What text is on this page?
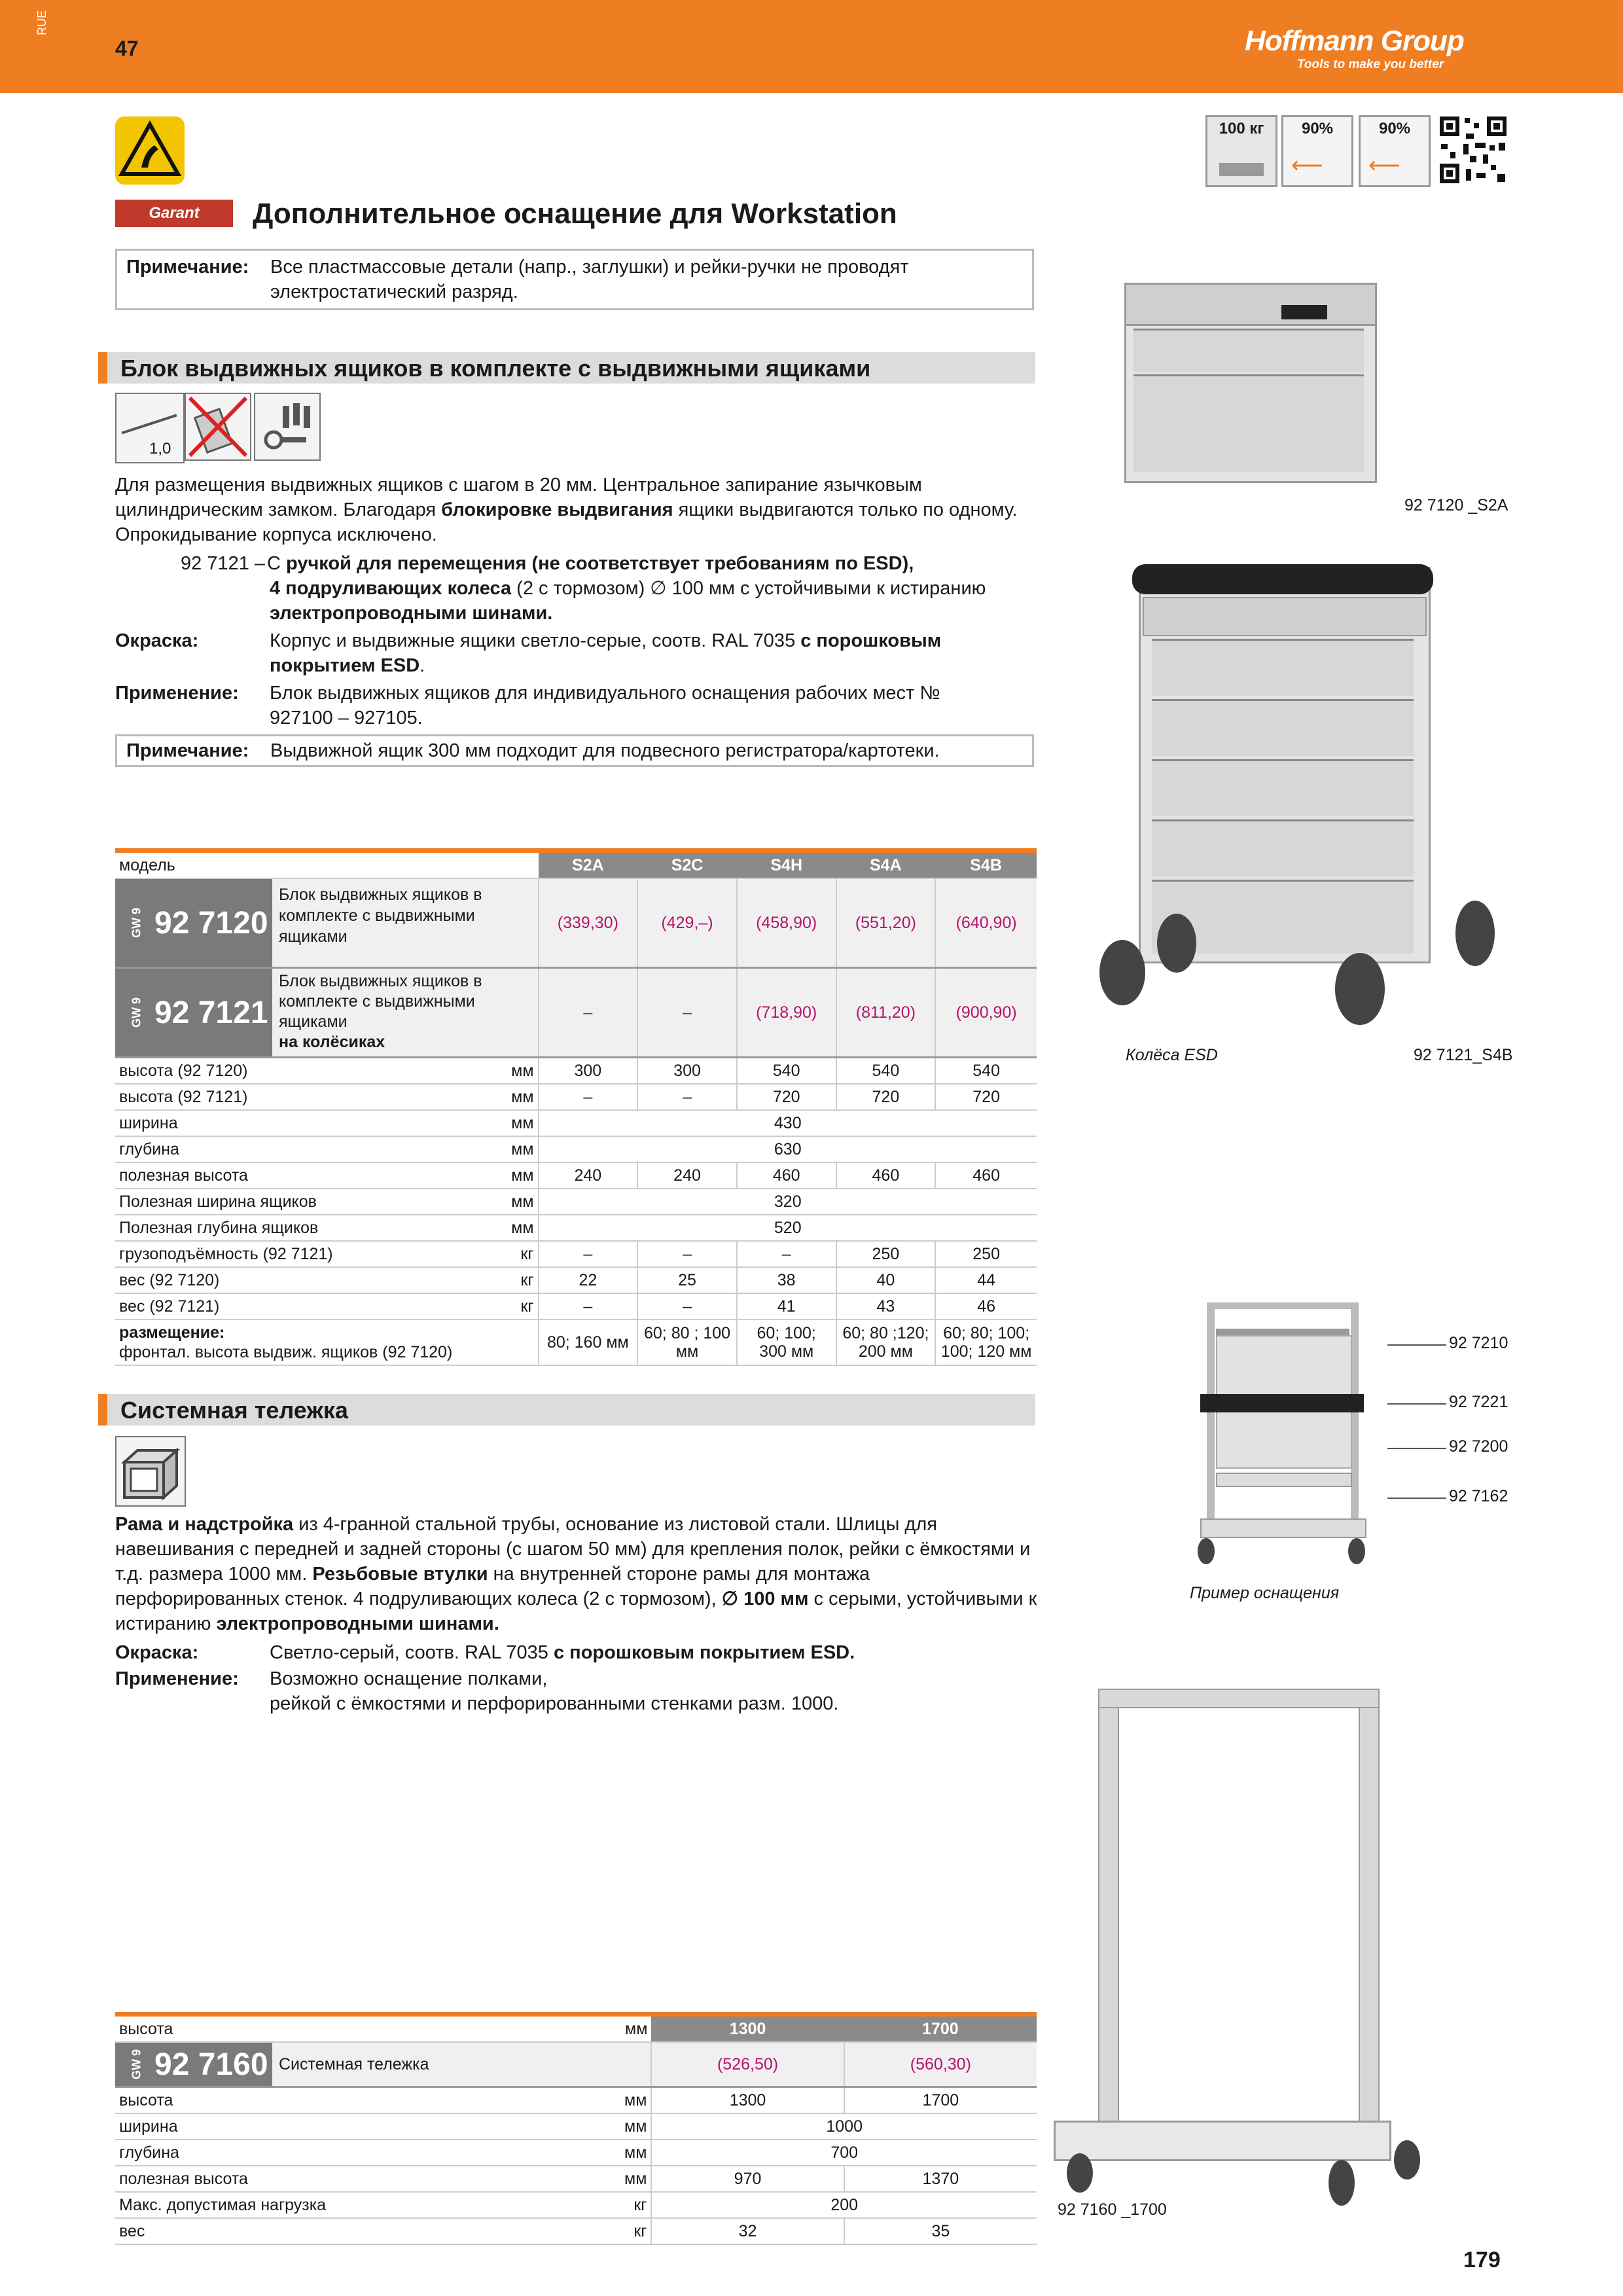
RUE
47	Hoffmann Group
Tools to make you better
100 кг	90%
⟵
90%
⟵
Garant	Дополнительное оснащение для Workstation
Примечание: Все пластмассовые детали (напр., заглушки) и рейки-ручки не проводят электростатический разряд.
Блок выдвижных ящиков в комплекте с выдвижными ящиками
1,0
Для размещения выдвижных ящиков с шагом в 20 мм. Центральное запирание язычковым цилиндрическим замком. Благодаря блокировке выдвигания ящики выдвигаются только по одному. Опрокидывание корпуса исключено.
92 7121 – С ручкой для перемещения (не соответствует требованиям по ESD),
4 подруливающих колеса (2 с тормозом) ∅ 100 мм с устойчивыми к истиранию
электропроводными шинами.
Окраска:	Корпус и выдвижные ящики светло-серые, соотв. RAL 7035 с порошковым покрытием ESD.
Применение: Блок выдвижных ящиков для индивидуального оснащения рабочих мест № 927100 – 927105.
Примечание: Выдвижной ящик 300 мм подходит для подвесного регистратора/картотеки.
92 7120 _S2A
Колёса ESD	92 7121_S4B
модель		S2A	S2C	S4H	S4A	S4B

GW 9 92 7120
Блок выдвижных ящиков в комплекте с выдвижными ящиками		(339,30)	(429,–)	(458,90)	(551,20)	(640,90)

GW 9 92 7121
Блок выдвижных ящиков в комплекте с выдвижными ящиками
на колёсиках		–	–	(718,90)	(811,20)	(900,90)
высота (92 7120)	мм	300	300	540	540	540
высота (92 7121)	мм	–	–	720	720	720
ширина	мм	430				
глубина	мм	630				
полезная высота	мм	240	240	460	460	460
Полезная ширина ящиков	мм	320				
Полезная глубина ящиков	мм	520				
грузоподъёмность (92 7121)	кг	–	–	–	250	250
вес (92 7120)	кг	22	25	38	40	44
вес (92 7121)	кг	–	–	41	43	46
размещение:
фронтал. высота выдвиж. ящиков (92 7120)		80; 160 мм	60; 80 ; 100 мм	60; 100; 300 мм	60; 80 ;120; 200 мм	60; 80; 100; 100; 120 мм
Системная тележка
Рама и надстройка из 4-гранной стальной трубы, основание из листовой стали. Шлицы для навешивания с передней и задней стороны (с шагом 50 мм) для крепления полок, рейки с ёмкостями и т.д. размера 1000 мм. Резьбовые втулки на внутренней стороне рамы для монтажа перфорированных стенок. 4 подруливающих колеса (2 с тормозом), ∅ 100 мм с серыми, устойчивыми к истиранию электропроводными шинами.
Окраска:	Светло-серый, соотв. RAL 7035 с порошковым покрытием ESD.
Применение: Возможно оснащение полками,
рейкой с ёмкостями и перфорированными стенками разм. 1000.
92 7210
92 7221
92 7200
92 7162
Пример оснащения
92 7160 _1700
высота	мм	1300	1700

GW 9 92 7160 Системная тележка		(526,50)	(560,30)
высота	мм	1300	1700
ширина	мм	1000	
глубина	мм	700	
полезная высота	мм	970	1370
Макс. допустимая нагрузка	кг	200	
вес	кг	32	35
179
